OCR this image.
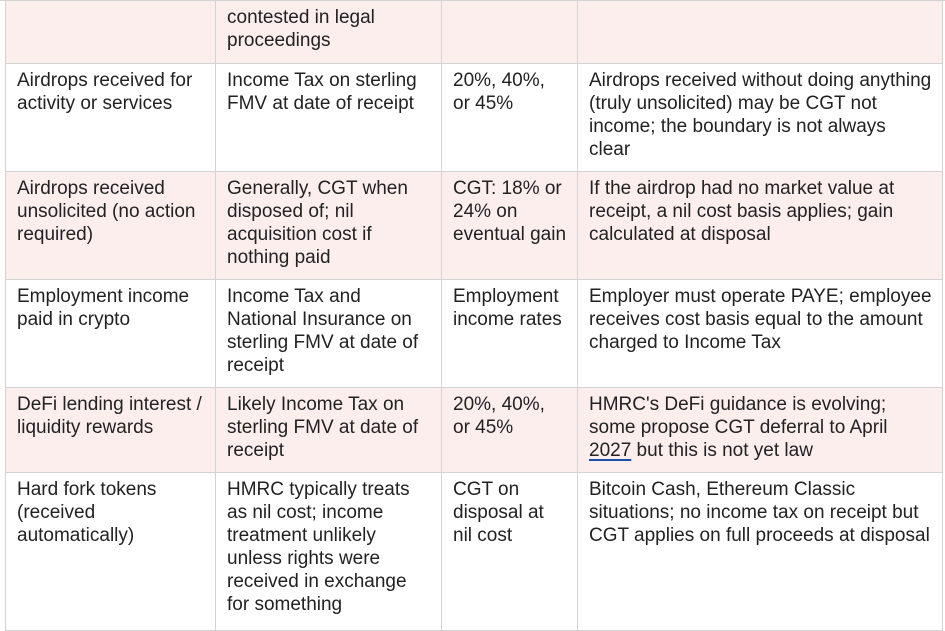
	contested in legal proceedings		
Airdrops received for activity or services	Income Tax on sterling FMV at date of receipt	20%, 40%, or 45%	Airdrops received without doing anything (truly unsolicited) may be CGT not income; the boundary is not always clear
Airdrops received unsolicited (no action required)	Generally, CGT when disposed of; nil acquisition cost if nothing paid	CGT: 18% or 24% on eventual gain	If the airdrop had no market value at receipt, a nil cost basis applies; gain calculated at disposal
Employment income paid in crypto	Income Tax and National Insurance on sterling FMV at date of receipt	Employment income rates	Employer must operate PAYE; employee receives cost basis equal to the amount charged to Income Tax
DeFi lending interest / liquidity rewards	Likely Income Tax on sterling FMV at date of receipt	20%, 40%, or 45%	HMRC's DeFi guidance is evolving; some propose CGT deferral to April 2027 but this is not yet law
Hard fork tokens (received automatically)	HMRC typically treats as nil cost; income treatment unlikely unless rights were received in exchange for something	CGT on disposal at nil cost	Bitcoin Cash, Ethereum Classic situations; no income tax on receipt but CGT applies on full proceeds at disposal
